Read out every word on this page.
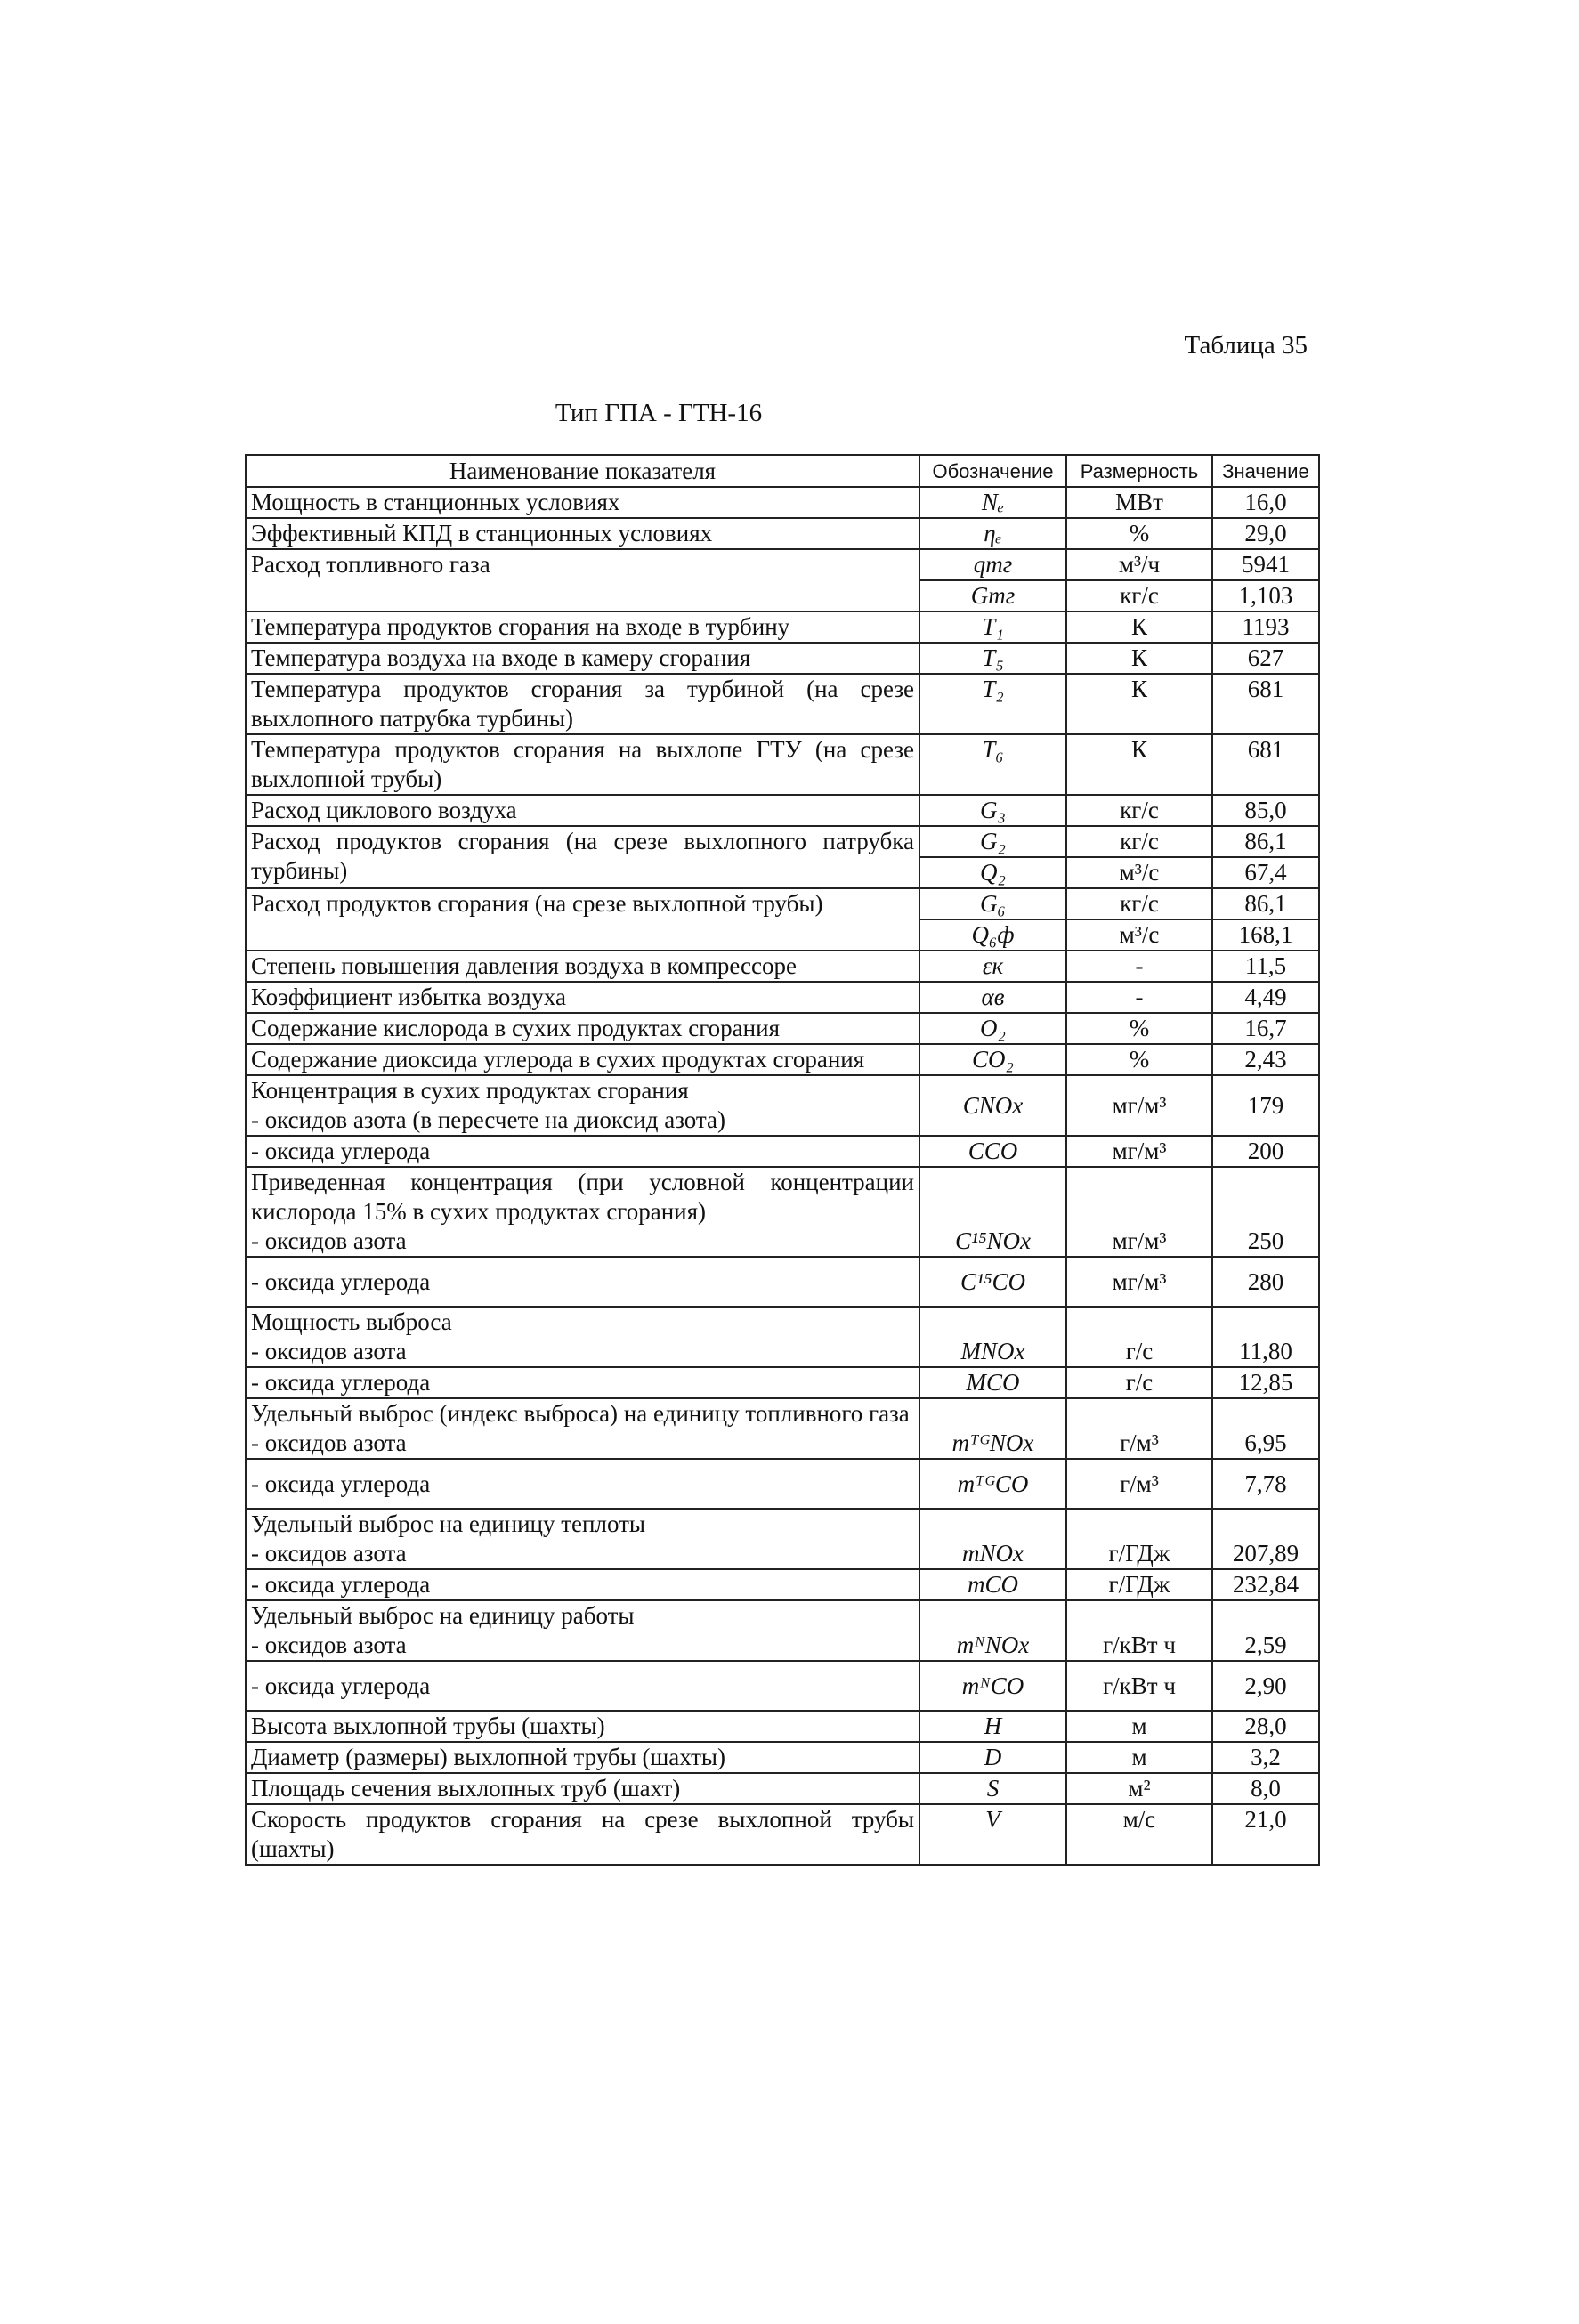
Таблица 35
Тип ГПА - ГТН-16
Наименование показателя	Обозначение	Размерность	Значение
Мощность в станционных условиях	Nₑ	МВт	16,0
Эффективный КПД в станционных условиях	ηₑ	%	29,0
Расход топливного газа	qтг	м³/ч	5941
	Gтг	кг/с	1,103
Температура продуктов сгорания на входе в турбину	T₁	К	1193
Температура воздуха на входе в камеру сгорания	T₅	К	627
Температура продуктов сгорания за турбиной (на срезе выхлопного патрубка турбины)	T₂	К	681
Температура продуктов сгорания на выхлопе ГТУ (на срезе выхлопной трубы)	T₆	К	681
Расход циклового воздуха	G₃	кг/с	85,0
Расход продуктов сгорания (на срезе выхлопного патрубка турбины)	G₂	кг/с	86,1
	Q₂	м³/с	67,4
Расход продуктов сгорания (на срезе выхлопной трубы)	G₆	кг/с	86,1
	Q₆ф	м³/с	168,1
Степень повышения давления воздуха в компрессоре	εк	-	11,5
Коэффициент избытка воздуха	αв	-	4,49
Содержание кислорода в сухих продуктах сгорания	O₂	%	16,7
Содержание диоксида углерода в сухих продуктах сгорания	CO₂	%	2,43

Концентрация в сухих продуктах сгорания
- оксидов азота (в пересчете на диоксид азота)	CNOx	мг/м³	179
- оксида углерода	CCO	мг/м³	200
Приведенная концентрация (при условной концентрации кислорода 15% в сухих продуктах сгорания)
- оксидов азота	C¹⁵NOx	мг/м³	250
- оксида углерода	C¹⁵CO	мг/м³	280

Мощность выброса
- оксидов азота	MNOx	г/с	11,80
- оксида углерода	MCO	г/с	12,85
Удельный выброс (индекс выброса) на единицу топливного газа
- оксидов азота	mᵀᴳNOx	г/м³	6,95
- оксида углерода	mᵀᴳCO	г/м³	7,78

Удельный выброс на единицу теплоты
- оксидов азота	mNOx	г/ГДж	207,89
- оксида углерода	mCO	г/ГДж	232,84

Удельный выброс на единицу работы
- оксидов азота	mᴺNOx	г/кВт ч	2,59
- оксида углерода	mᴺCO	г/кВт ч	2,90
Высота выхлопной трубы (шахты)	H	м	28,0
Диаметр (размеры) выхлопной трубы (шахты)	D	м	3,2
Площадь сечения выхлопных труб (шахт)	S	м²	8,0
Скорость продуктов сгорания на срезе выхлопной трубы (шахты)	V	м/с	21,0
